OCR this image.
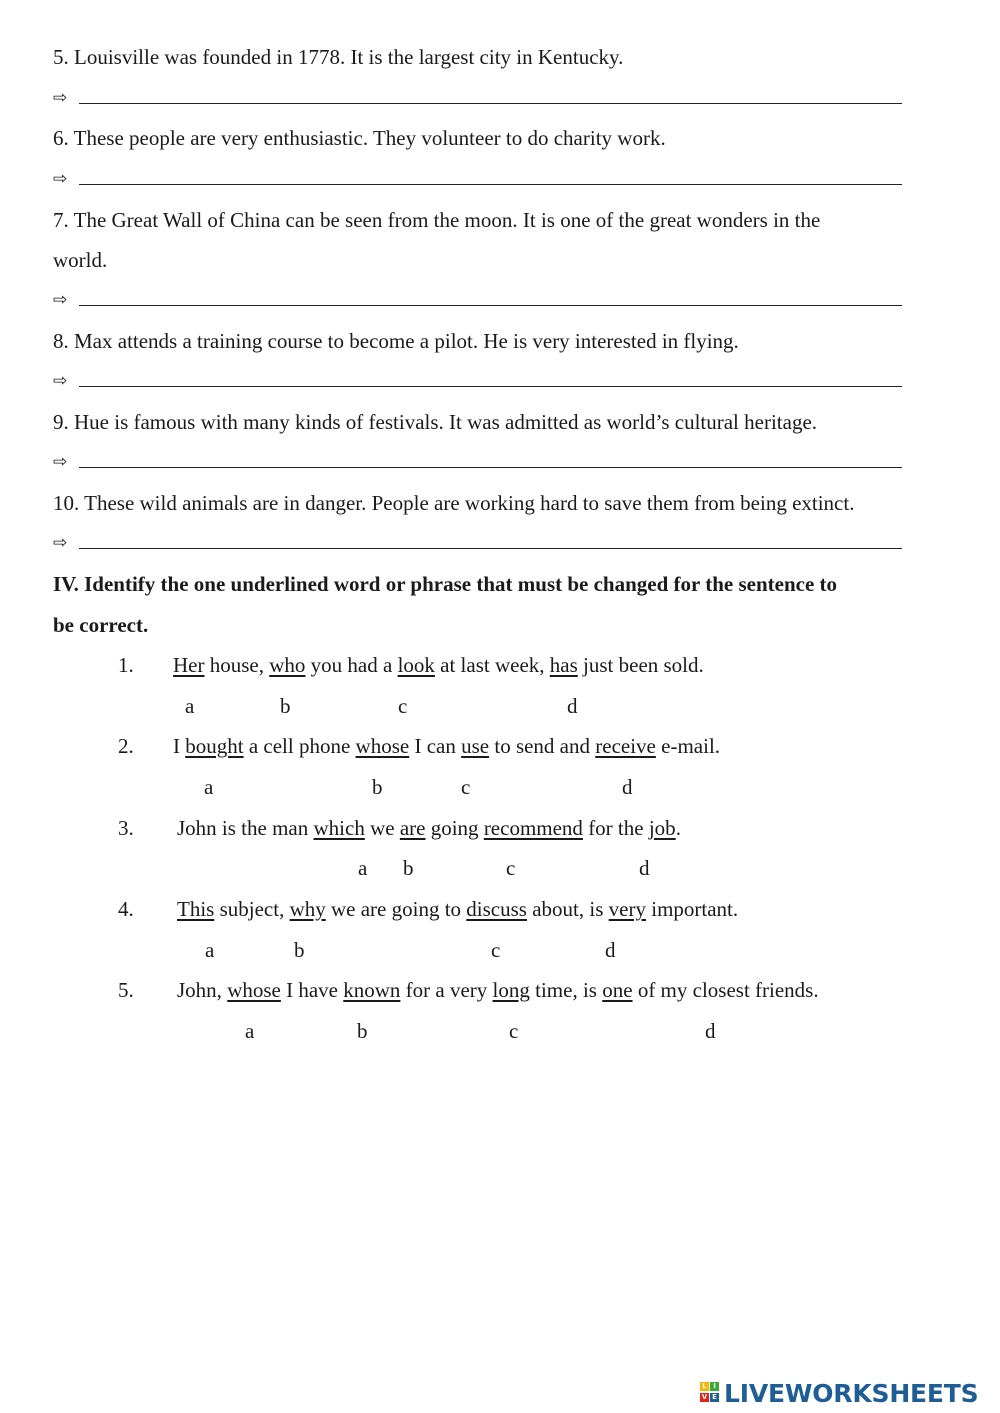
5. Louisville was founded in 1778. It is the largest city in Kentucky.
⇨
6. These people are very enthusiastic. They volunteer to do charity work.
⇨
7. The Great Wall of China can be seen from the moon. It is one of the great wonders in the
world.
⇨
8. Max attends a training course to become a pilot. He is very interested in flying.
⇨
9. Hue is famous with many kinds of festivals. It was admitted as world’s cultural heritage.
⇨
10. These wild animals are in danger. People are working hard to save them from being extinct.
⇨
IV. Identify the one underlined word or phrase that must be changed for the sentence to
be correct.
1. Her house, who you had a look at last week, has just been sold.
a	b	c	d
2. I bought a cell phone whose I can use to send and receive e-mail.
a	b	c	d
3. John is the man which we are going recommend for the job.
a b	c	d
4. This subject, why we are going to discuss about, is very important.
a	b	c	d
5. John, whose I have known for a very long time, is one of my closest friends.
a	b	c	d
L I
V E LIVEWORKSHEETS
